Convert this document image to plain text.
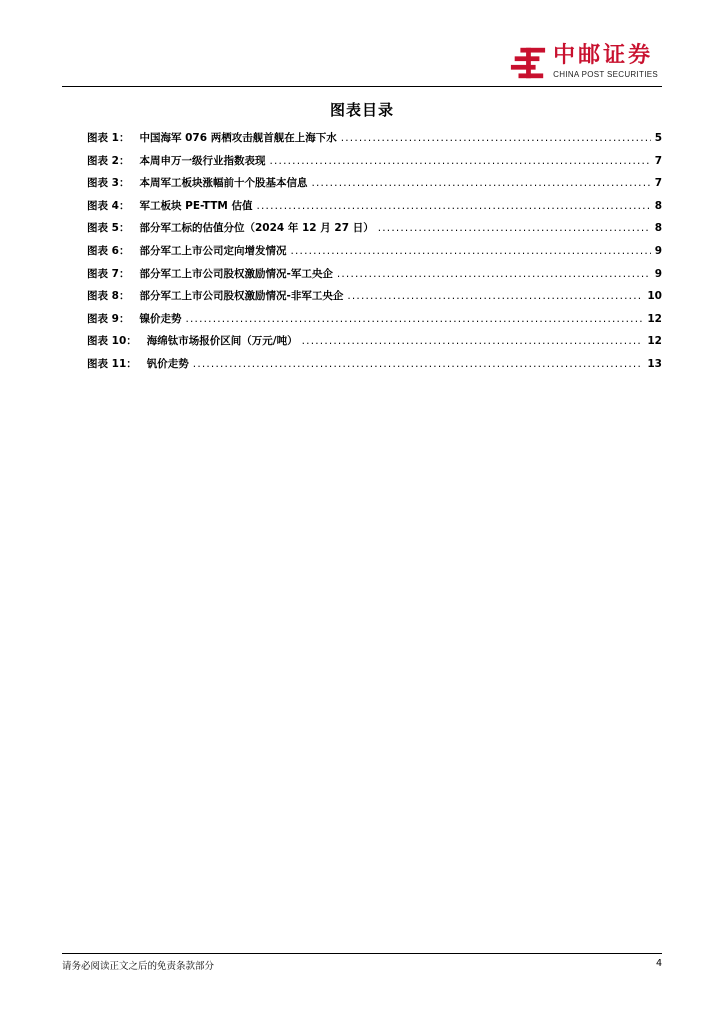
中邮证券
CHINA POST SECURITIES
图表目录
图表 1： 中国海军 076 两栖攻击舰首舰在上海下水 .....	5
图表 2： 本周申万一级行业指数表现 .....	7
图表 3： 本周军工板块涨幅前十个股基本信息 .....	7
图表 4： 军工板块 PE-TTM 估值 .....	8
图表 5： 部分军工标的估值分位（2024 年 12 月 27 日） .....	8
图表 6： 部分军工上市公司定向增发情况 .....	9
图表 7： 部分军工上市公司股权激励情况-军工央企 .....	9
图表 8： 部分军工上市公司股权激励情况-非军工央企 .....	10
图表 9： 镍价走势 .....	12
图表 10： 海绵钛市场报价区间（万元/吨） .....	12
图表 11： 钒价走势 .....	13
请务必阅读正文之后的免责条款部分	4
